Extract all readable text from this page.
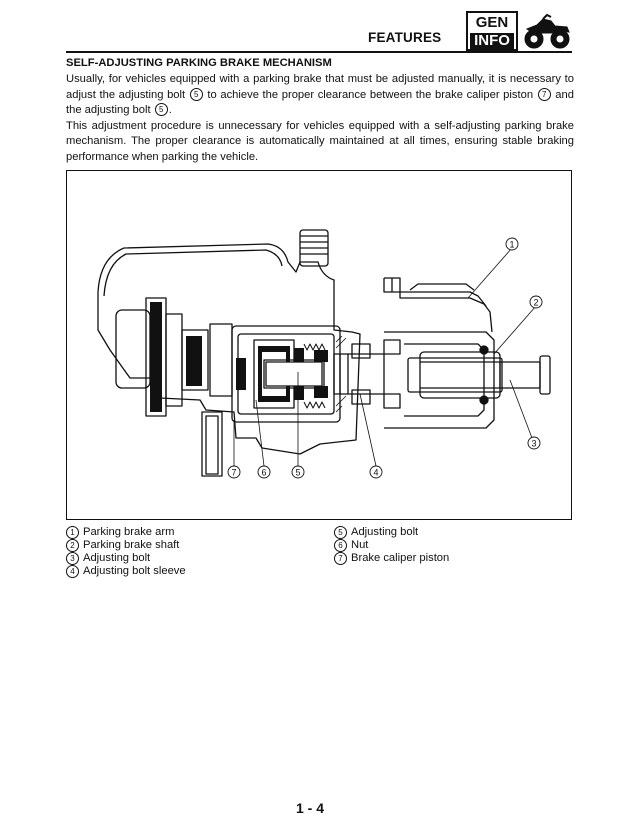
FEATURES
GEN
INFO
SELF-ADJUSTING PARKING BRAKE MECHANISM

Usually, for vehicles equipped with a parking brake that must be adjusted manually, it is necessary to adjust the adjusting bolt 5 to achieve the proper clearance between the brake caliper piston 7 and the adjusting bolt 5 .

This adjustment procedure is unnecessary for vehicles equipped with a self-adjusting parking brake mechanism. The proper clearance is automatically maintained at all times, ensuring stable braking performance when parking the vehicle.

1
2
3
4
5
6
7
1 Parking brake arm
2 Parking brake shaft
3 Adjusting bolt
4 Adjusting bolt sleeve
5 Adjusting bolt
6 Nut
7 Brake caliper piston
1 - 4
